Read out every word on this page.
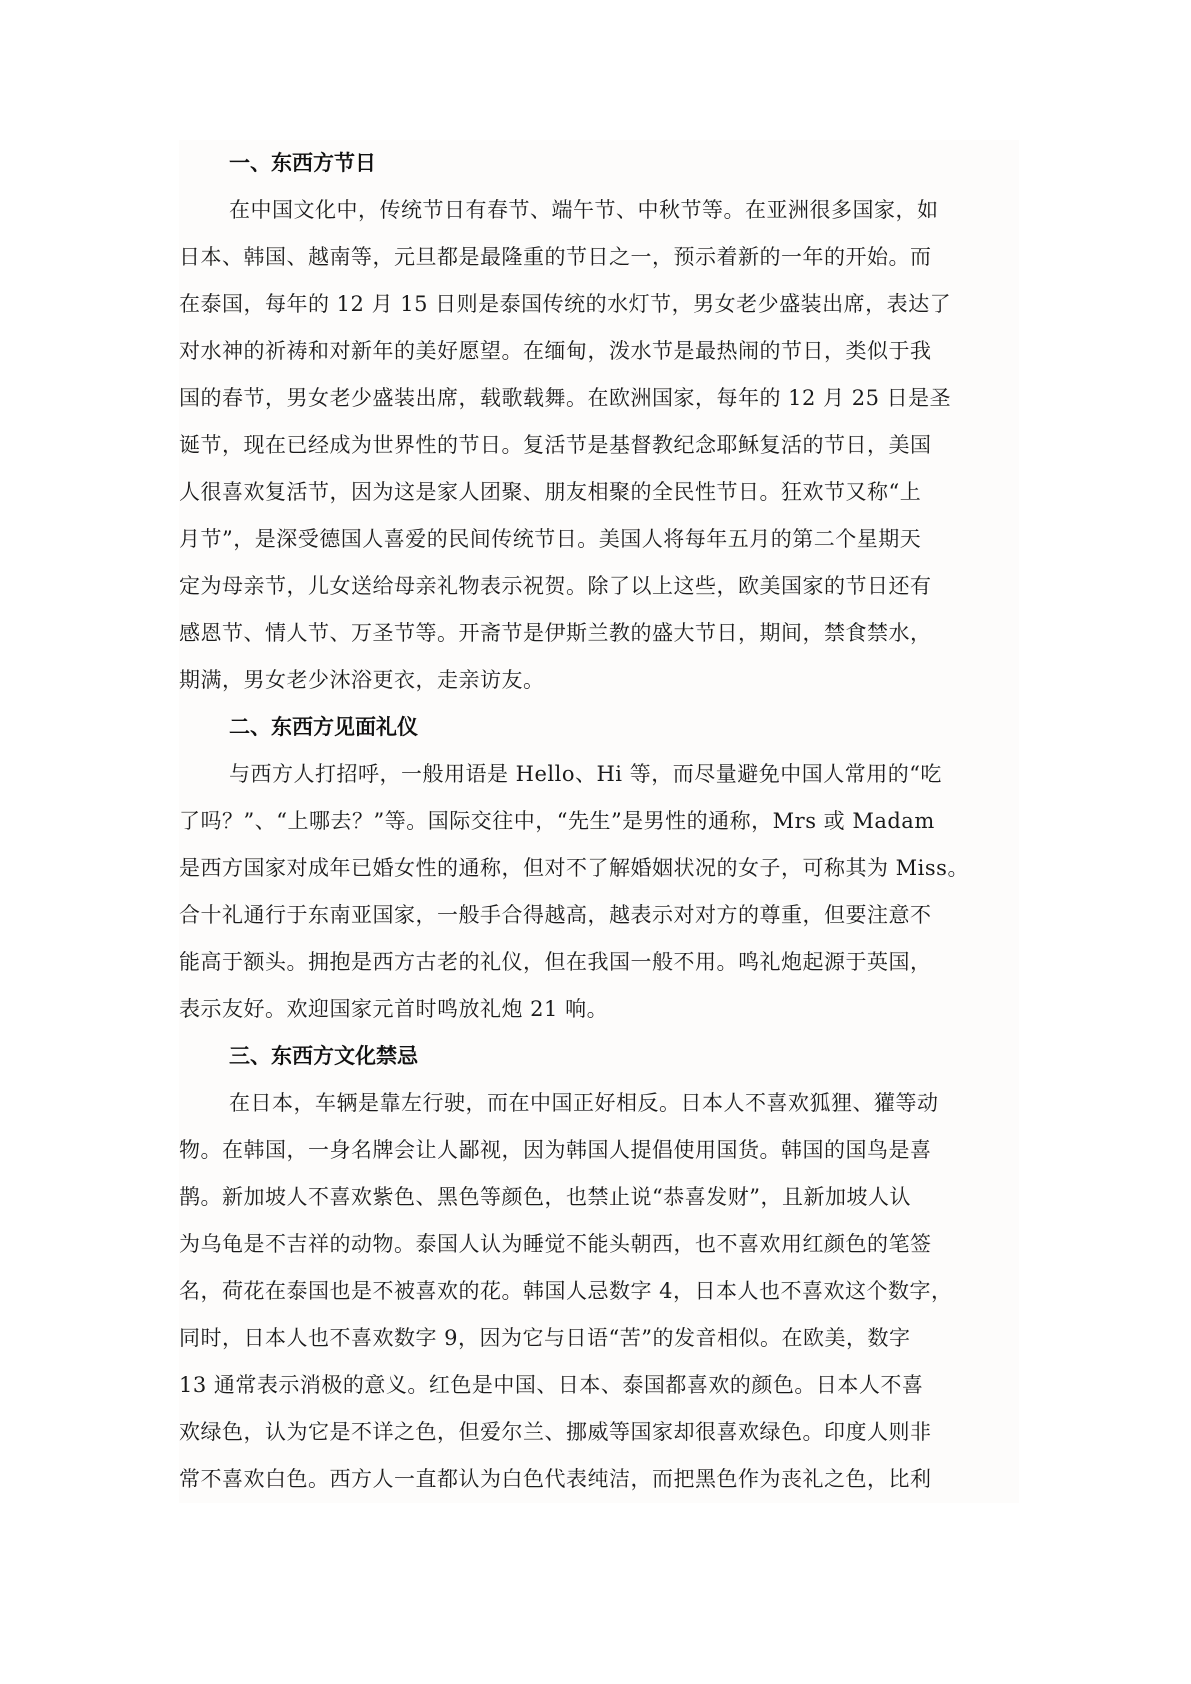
一、东西方节日
在中国文化中，传统节日有春节、端午节、中秋节等。在亚洲很多国家，如
日本、韩国、越南等，元旦都是最隆重的节日之一，预示着新的一年的开始。而
在泰国，每年的 12 月 15 日则是泰国传统的水灯节，男女老少盛装出席，表达了
对水神的祈祷和对新年的美好愿望。在缅甸，泼水节是最热闹的节日，类似于我
国的春节，男女老少盛装出席，载歌载舞。在欧洲国家，每年的 12 月 25 日是圣
诞节，现在已经成为世界性的节日。复活节是基督教纪念耶稣复活的节日，美国
人很喜欢复活节，因为这是家人团聚、朋友相聚的全民性节日。狂欢节又称“上
月节”，是深受德国人喜爱的民间传统节日。美国人将每年五月的第二个星期天
定为母亲节，儿女送给母亲礼物表示祝贺。除了以上这些，欧美国家的节日还有
感恩节、情人节、万圣节等。开斋节是伊斯兰教的盛大节日，期间，禁食禁水，
期满，男女老少沐浴更衣，走亲访友。
二、东西方见面礼仪
与西方人打招呼，一般用语是 Hello、Hi 等，而尽量避免中国人常用的“吃
了吗？”、“上哪去？”等。国际交往中，“先生”是男性的通称，Mrs 或 Madam
是西方国家对成年已婚女性的通称，但对不了解婚姻状况的女子，可称其为 Miss。
合十礼通行于东南亚国家，一般手合得越高，越表示对对方的尊重，但要注意不
能高于额头。拥抱是西方古老的礼仪，但在我国一般不用。鸣礼炮起源于英国，
表示友好。欢迎国家元首时鸣放礼炮 21 响。
三、东西方文化禁忌
在日本，车辆是靠左行驶，而在中国正好相反。日本人不喜欢狐狸、獾等动
物。在韩国，一身名牌会让人鄙视，因为韩国人提倡使用国货。韩国的国鸟是喜
鹊。新加坡人不喜欢紫色、黑色等颜色，也禁止说“恭喜发财”，且新加坡人认
为乌龟是不吉祥的动物。泰国人认为睡觉不能头朝西，也不喜欢用红颜色的笔签
名，荷花在泰国也是不被喜欢的花。韩国人忌数字 4，日本人也不喜欢这个数字，
同时，日本人也不喜欢数字 9，因为它与日语“苦”的发音相似。在欧美，数字
13 通常表示消极的意义。红色是中国、日本、泰国都喜欢的颜色。日本人不喜
欢绿色，认为它是不详之色，但爱尔兰、挪威等国家却很喜欢绿色。印度人则非
常不喜欢白色。西方人一直都认为白色代表纯洁，而把黑色作为丧礼之色，比利
